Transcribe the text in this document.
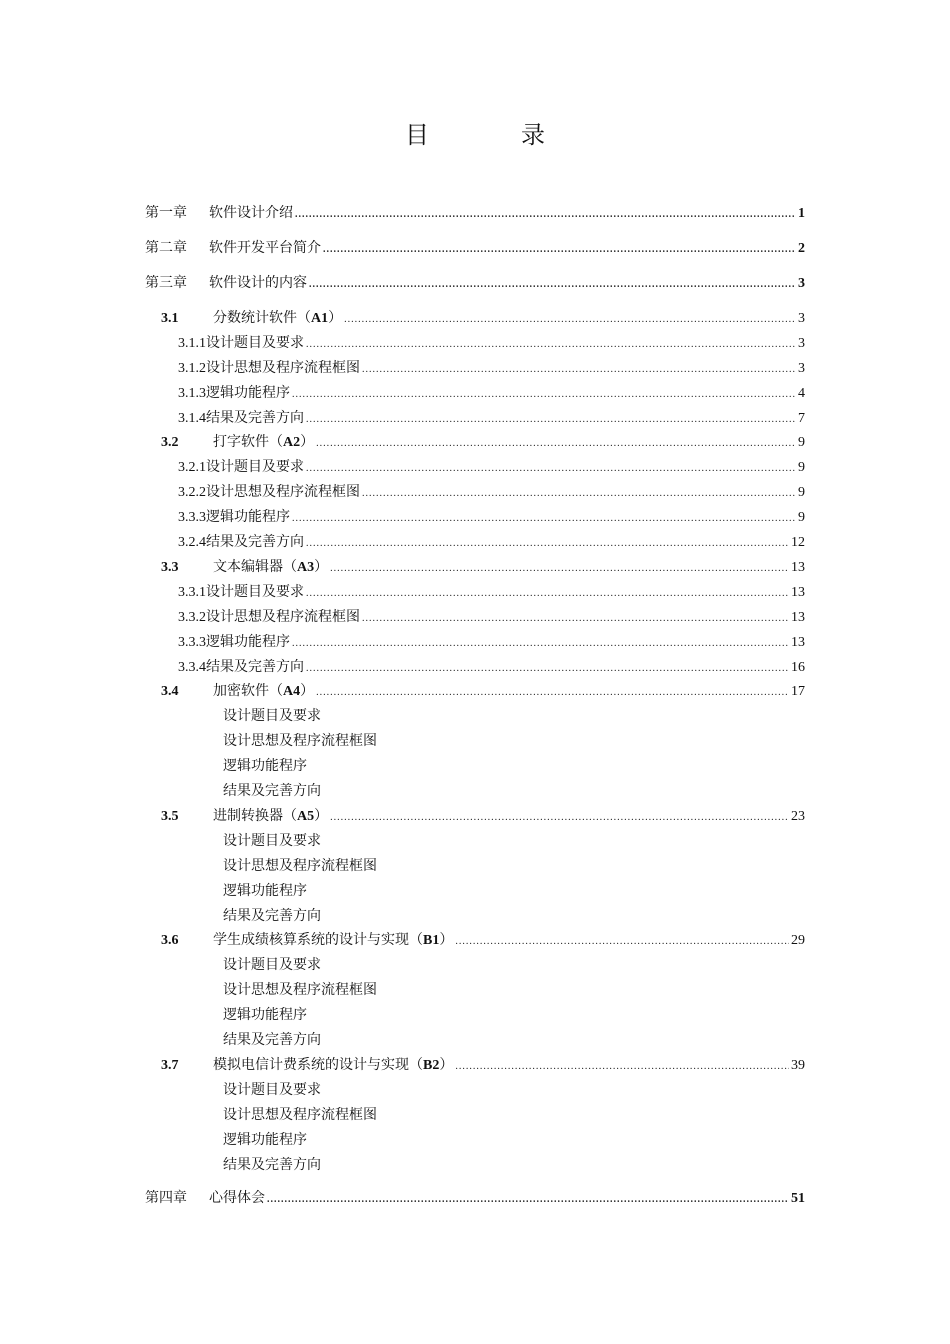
目　录
第一章	软件设计介绍 .....	1
第二章	软件开发平台简介 .....	2
第三章	软件设计的内容 .....	3
3.1	分数统计软件（A1） .....	3
3.1.1 设计题目及要求 .....	3
3.1.2 设计思想及程序流程框图 .....	3
3.1.3 逻辑功能程序 .....	4
3.1.4 结果及完善方向 .....	7
3.2	打字软件（A2） .....	9
3.2.1 设计题目及要求 .....	9
3.2.2 设计思想及程序流程框图 .....	9
3.3.3 逻辑功能程序 .....	9
3.2.4 结果及完善方向 .....	12
3.3	文本编辑器（A3） .....	13
3.3.1 设计题目及要求 .....	13
3.3.2 设计思想及程序流程框图 .....	13
3.3.3 逻辑功能程序 .....	13
3.3.4 结果及完善方向 .....	16
3.4	加密软件（A4） .....	17
设计题目及要求
设计思想及程序流程框图
逻辑功能程序
结果及完善方向
3.5	进制转换器（A5） .....	23
设计题目及要求
设计思想及程序流程框图
逻辑功能程序
结果及完善方向
3.6	学生成绩核算系统的设计与实现（B1） .....	29
设计题目及要求
设计思想及程序流程框图
逻辑功能程序
结果及完善方向
3.7	模拟电信计费系统的设计与实现（B2） .....	39
设计题目及要求
设计思想及程序流程框图
逻辑功能程序
结果及完善方向
第四章	心得体会 .....	51
